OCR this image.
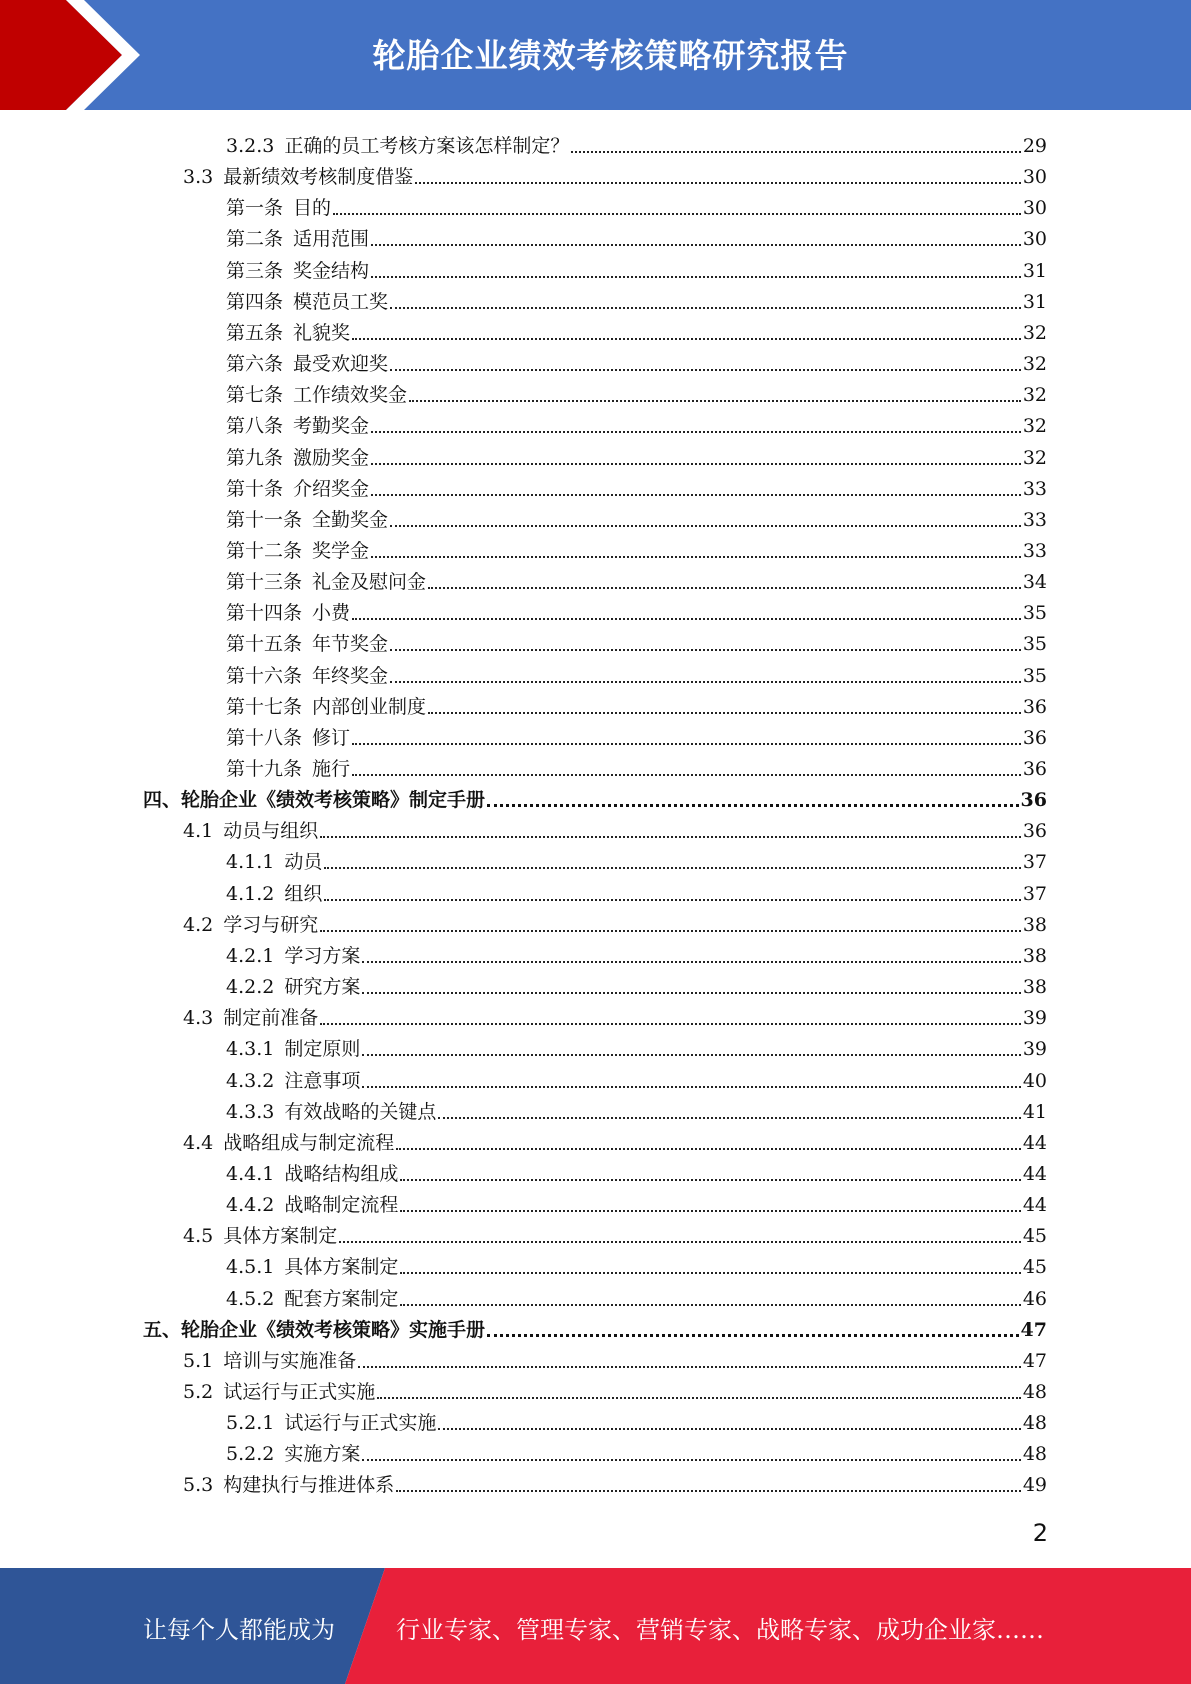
轮胎企业绩效考核策略研究报告
3.2.3 正确的员工考核方案该怎样制定？	29
3.3 最新绩效考核制度借鉴	30
第一条 目的	30
第二条 适用范围	30
第三条 奖金结构	31
第四条 模范员工奖	31
第五条 礼貌奖	32
第六条 最受欢迎奖	32
第七条 工作绩效奖金	32
第八条 考勤奖金	32
第九条 激励奖金	32
第十条 介绍奖金	33
第十一条 全勤奖金	33
第十二条 奖学金	33
第十三条 礼金及慰问金	34
第十四条 小费	35
第十五条 年节奖金	35
第十六条 年终奖金	35
第十七条 内部创业制度	36
第十八条 修订	36
第十九条 施行	36
四、轮胎企业《绩效考核策略》制定手册	36
4.1 动员与组织	36
4.1.1 动员	37
4.1.2 组织	37
4.2 学习与研究	38
4.2.1 学习方案	38
4.2.2 研究方案	38
4.3 制定前准备	39
4.3.1 制定原则	39
4.3.2 注意事项	40
4.3.3 有效战略的关键点	41
4.4 战略组成与制定流程	44
4.4.1 战略结构组成	44
4.4.2 战略制定流程	44
4.5 具体方案制定	45
4.5.1 具体方案制定	45
4.5.2 配套方案制定	46
五、轮胎企业《绩效考核策略》实施手册	47
5.1 培训与实施准备	47
5.2 试运行与正式实施	48
5.2.1 试运行与正式实施	48
5.2.2 实施方案	48
5.3 构建执行与推进体系	49
2
让每个人都能成为	行业专家、管理专家、营销专家、战略专家、成功企业家……
